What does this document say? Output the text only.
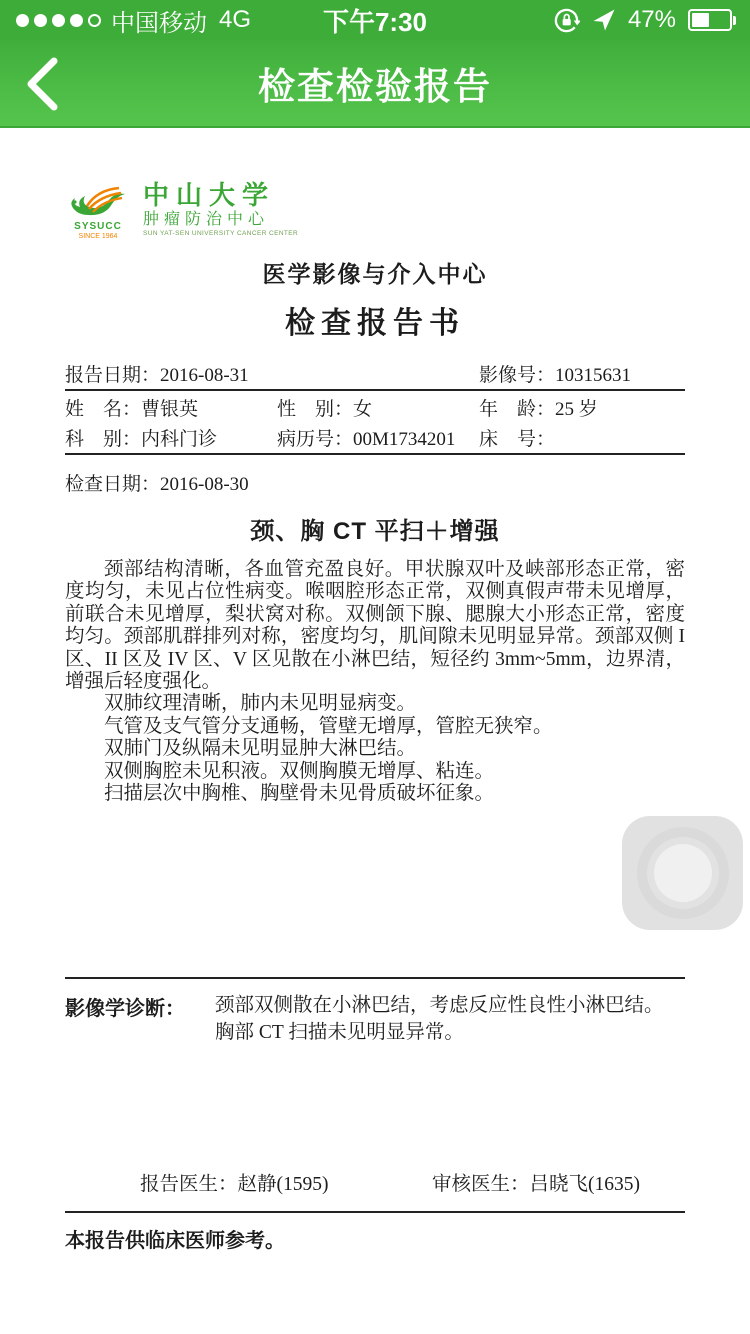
中国移动 4G	下午7:30	47%
检查检验报告
SYSUCC
SINCE 1964
中山大学
肿瘤防治中心
SUN YAT-SEN UNIVERSITY CANCER CENTER
医学影像与介入中心
检查报告书
报告日期：2016-08-31	影像号：10315631
姓　名：曹银英	性　别：女	年　龄：25 岁
科　别：内科门诊	病历号：00M1734201	床　号：
检查日期：2016-08-30
颈、胸 CT 平扫＋增强

颈部结构清晰，各血管充盈良好。甲状腺双叶及峡部形态正常，密度均匀，未见占位性病变。喉咽腔形态正常，双侧真假声带未见增厚，前联合未见增厚，梨状窝对称。双侧颌下腺、腮腺大小形态正常，密度均匀。颈部肌群排列对称，密度均匀，肌间隙未见明显异常。颈部双侧 I 区、II 区及 IV 区、V 区见散在小淋巴结，短径约 3mm~5mm，边界清，增强后轻度强化。

双肺纹理清晰，肺内未见明显病变。

气管及支气管分支通畅，管壁无增厚，管腔无狭窄。

双肺门及纵隔未见明显肿大淋巴结。

双侧胸腔未见积液。双侧胸膜无增厚、粘连。

扫描层次中胸椎、胸壁骨未见骨质破坏征象。

影像学诊断：	颈部双侧散在小淋巴结，考虑反应性良性小淋巴结。
胸部 CT 扫描未见明显异常。
报告医生：赵静(1595)	审核医生：吕晓飞(1635)
本报告供临床医师参考。
